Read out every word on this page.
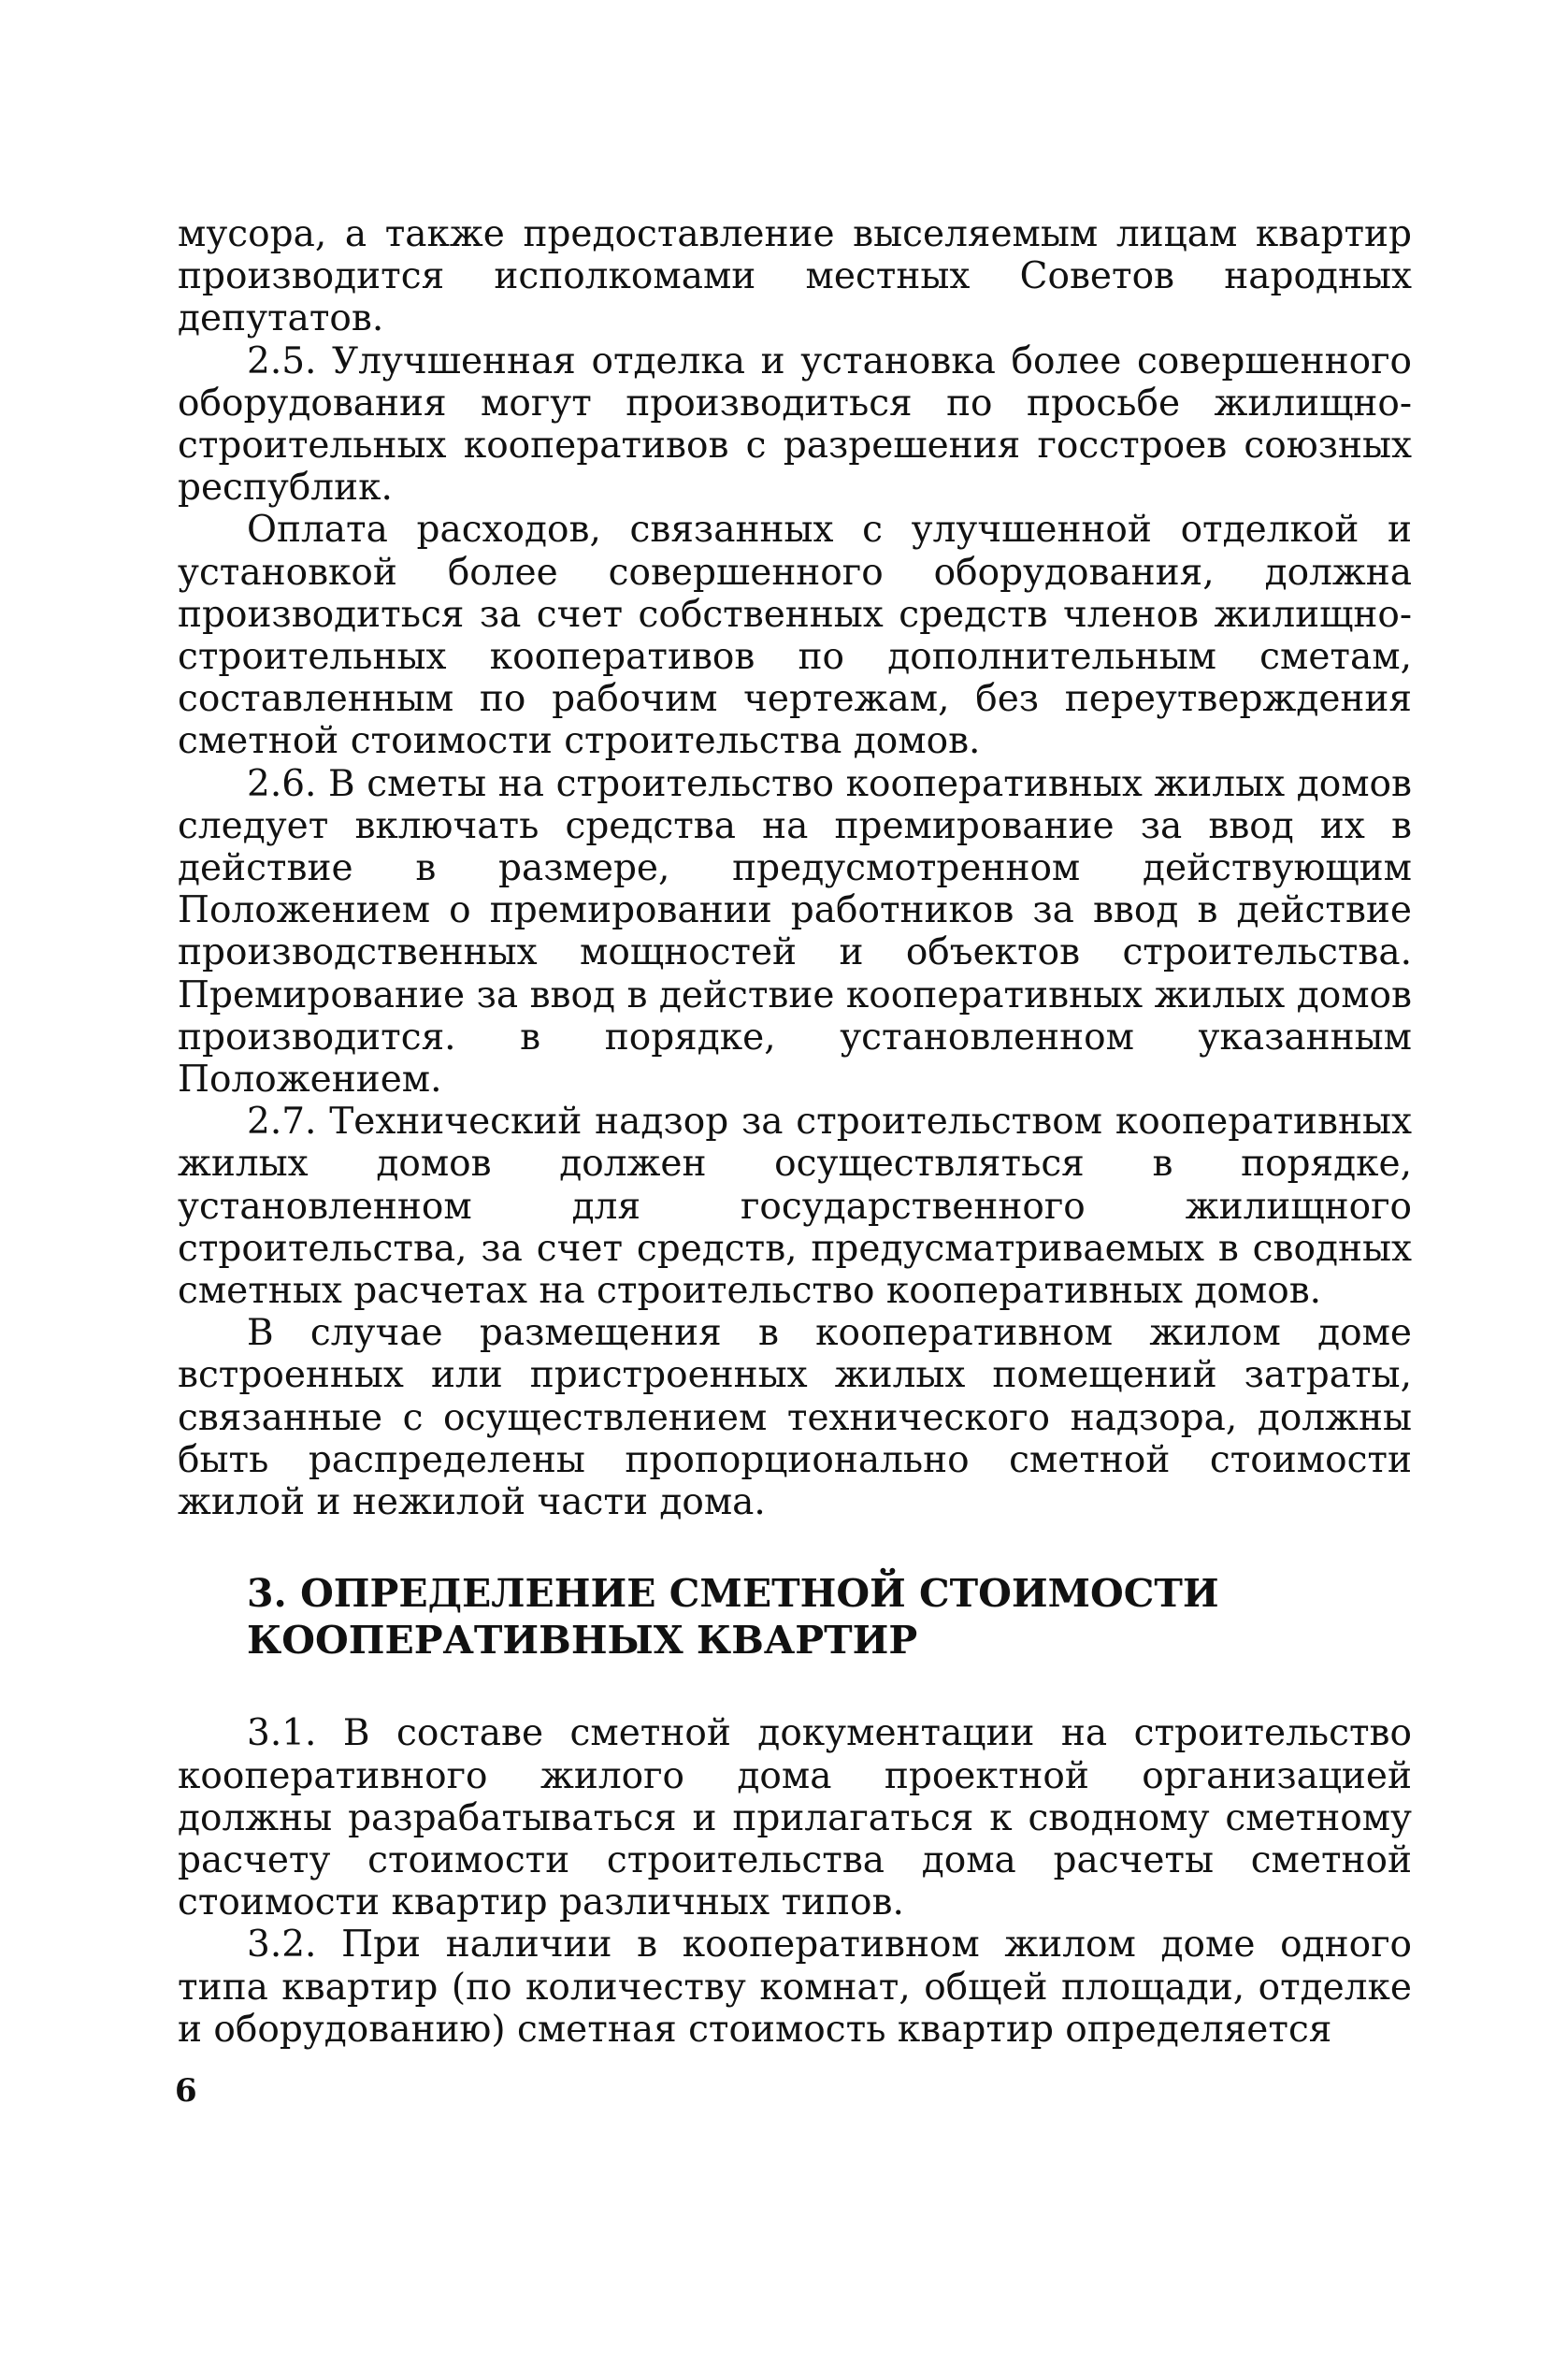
мусора, а также предоставление выселяемым лицам квартир производится исполкомами местных Советов народных депутатов.

2.5. Улучшенная отделка и установка более совершенного оборудования могут производиться по просьбе жилищно-строительных кооперативов с разрешения госстроев союзных республик.

Оплата расходов, связанных с улучшенной отделкой и установкой более совершенного оборудования, должна производиться за счет собственных средств членов жилищно-строительных кооперативов по дополнительным сметам, составленным по рабочим чертежам, без переутверждения сметной стоимости строительства домов.

2.6. В сметы на строительство кооперативных жилых домов следует включать средства на премирование за ввод их в действие в размере, предусмотренном действующим Положением о премировании работников за ввод в действие производственных мощностей и объектов строительства. Премирование за ввод в действие кооперативных жилых домов производится. в порядке, установленном указанным Положением.

2.7. Технический надзор за строительством кооперативных жилых домов должен осуществляться в порядке, установленном для государственного жилищного строительства, за счет средств, предусматриваемых в сводных сметных расчетах на строительство кооперативных домов.

В случае размещения в кооперативном жилом доме встроенных или пристроенных жилых помещений затраты, связанные с осуществлением технического надзора, должны быть распределены пропорционально сметной стоимости жилой и нежилой части дома.

3. ОПРЕДЕЛЕНИЕ СМЕТНОЙ СТОИМОСТИ

КООПЕРАТИВНЫХ КВАРТИР

3.1. В составе сметной документации на строительство кооперативного жилого дома проектной организацией должны разрабатываться и прилагаться к сводному сметному расчету стоимости строительства дома расчеты сметной стоимости квартир различных типов.

3.2. При наличии в кооперативном жилом доме одного типа квартир (по количеству комнат, общей площади, отделке и оборудованию) сметная стоимость квартир определяется

6
